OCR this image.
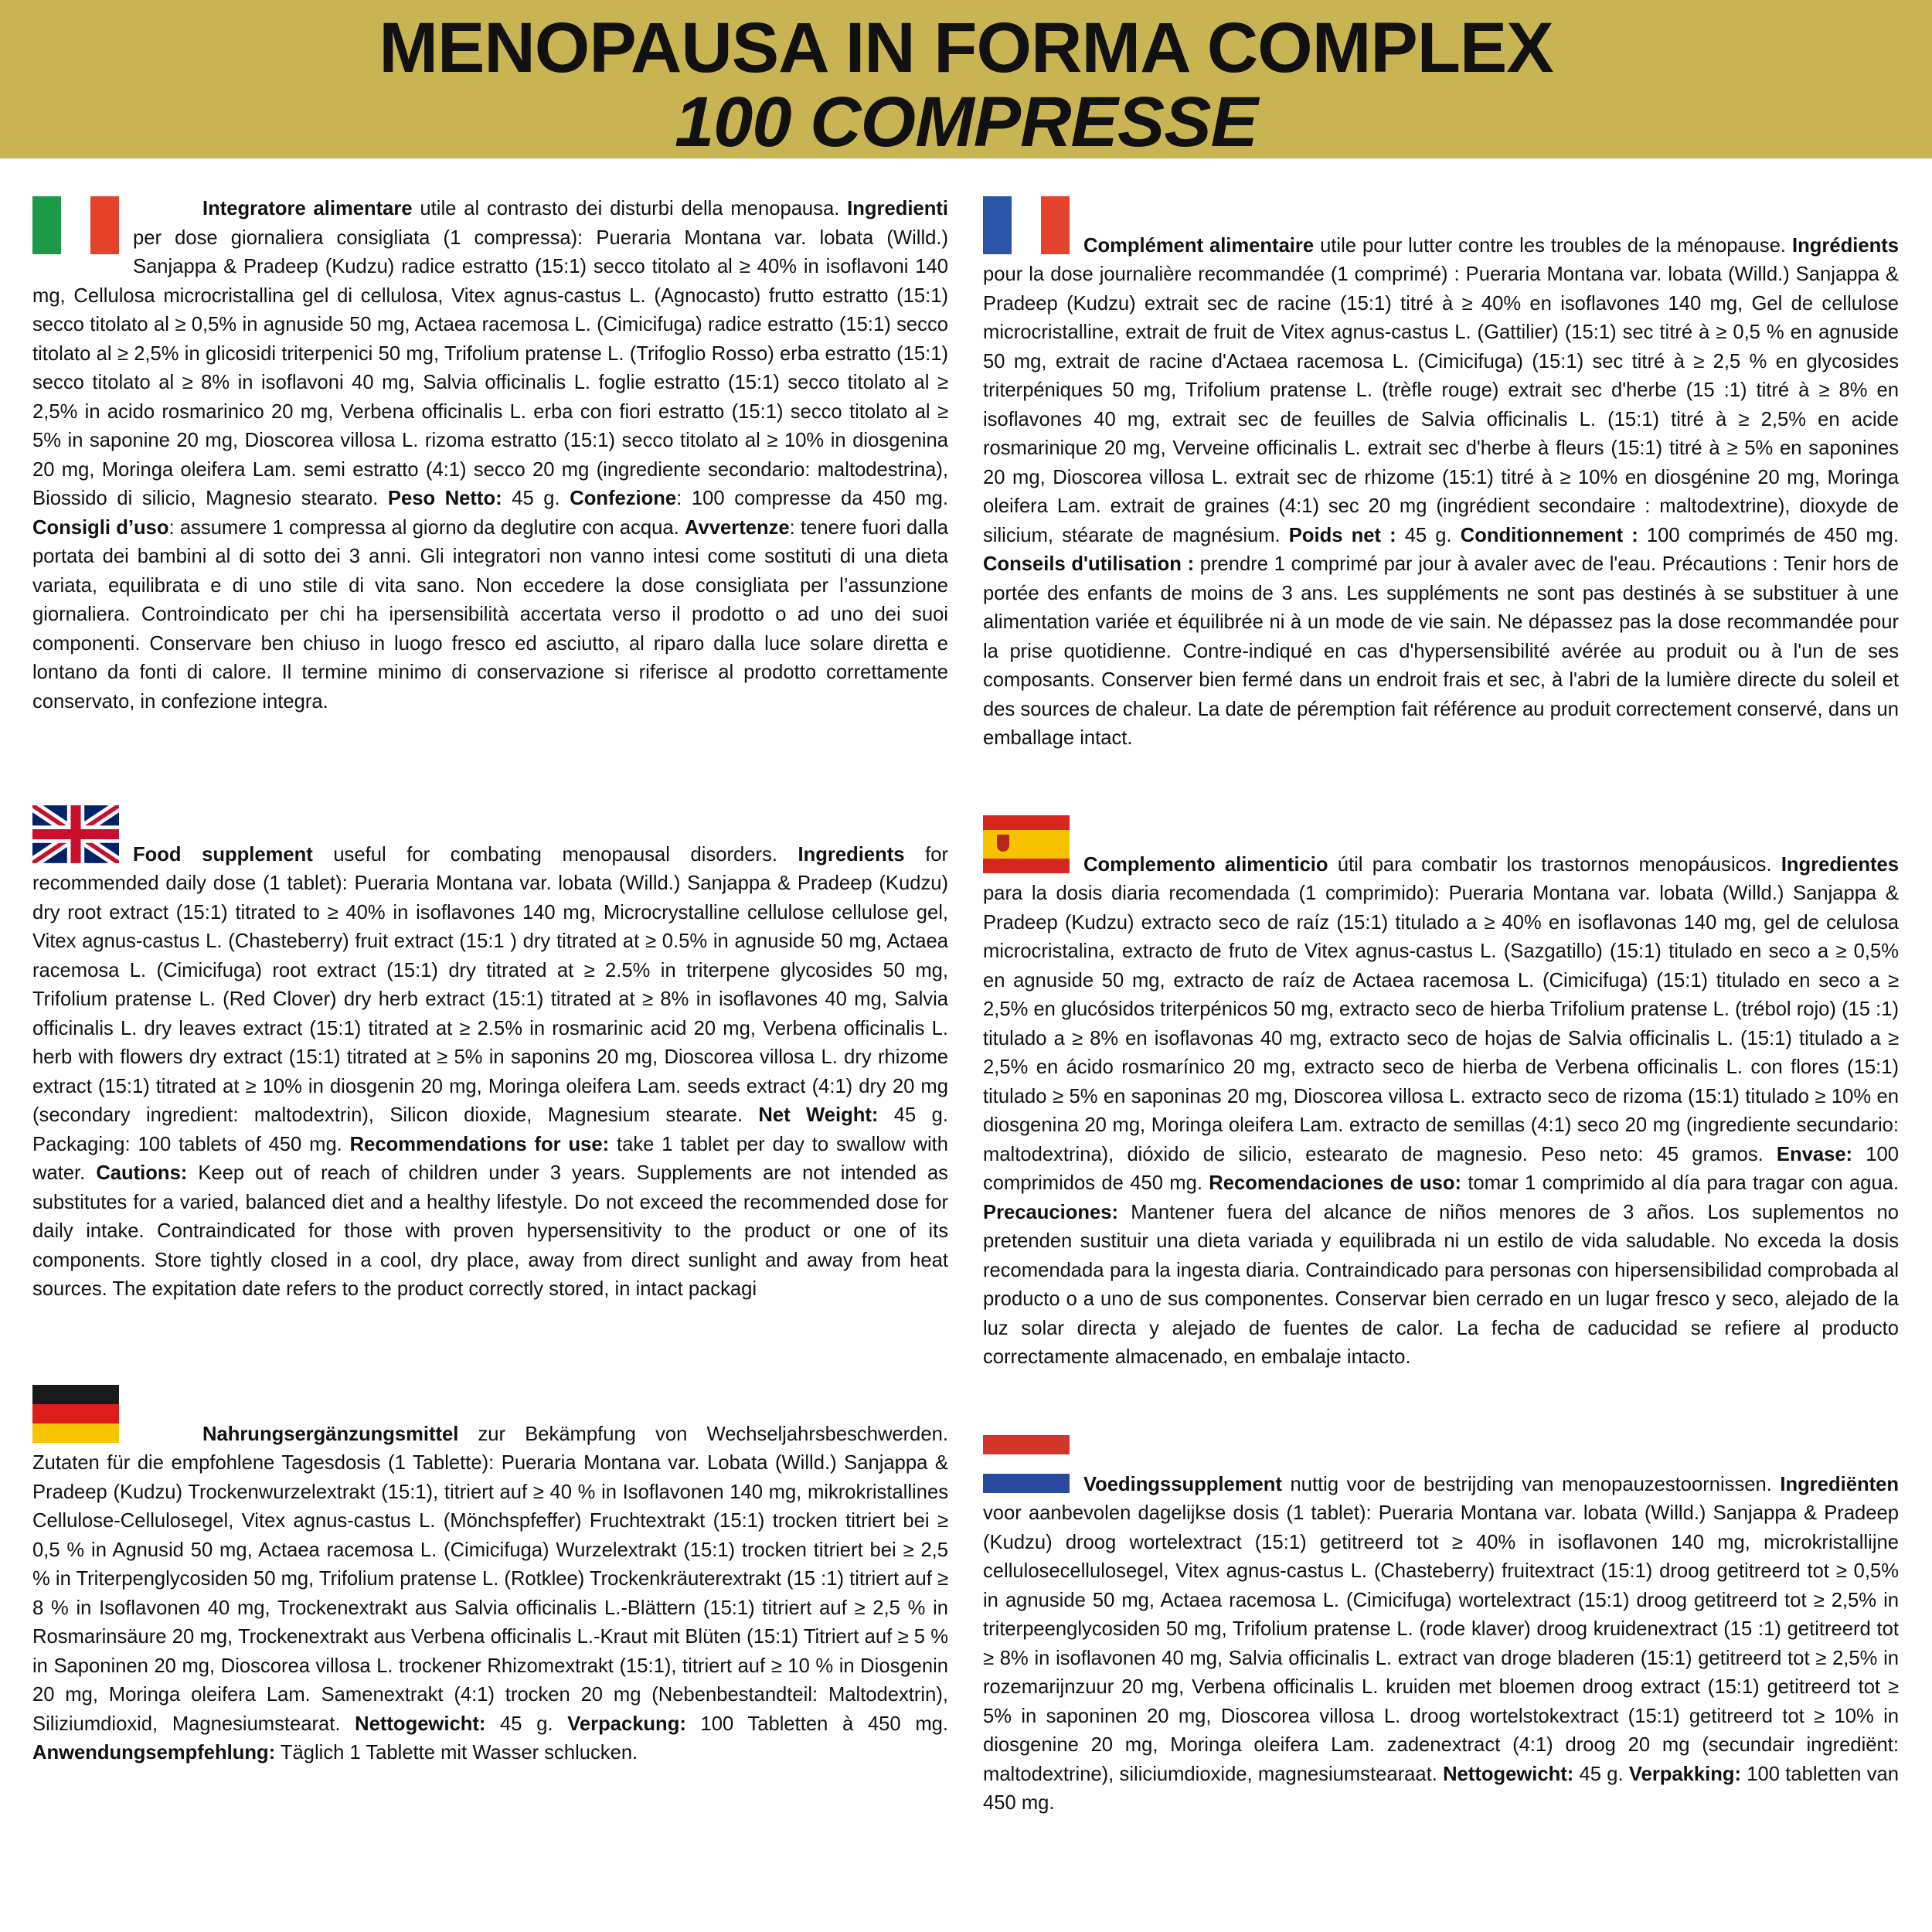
MENOPAUSA IN FORMA COMPLEX
100 COMPRESSE
Integratore alimentare utile al contrasto dei disturbi della menopausa. Ingredienti per dose giornaliera consigliata (1 compressa): Pueraria Montana var. lobata (Willd.) Sanjappa & Pradeep (Kudzu) radice estratto (15:1) secco titolato al ≥ 40% in isoflavoni 140 mg, Cellulosa microcristallina gel di cellulosa, Vitex agnus-castus L. (Agnocasto) frutto estratto (15:1) secco titolato al ≥ 0,5% in agnuside 50 mg, Actaea racemosa L. (Cimicifuga) radice estratto (15:1) secco titolato al ≥ 2,5% in glicosidi triterpenici 50 mg, Trifolium pratense L. (Trifoglio Rosso) erba estratto (15:1) secco titolato al ≥ 8% in isoflavoni 40 mg, Salvia officinalis L. foglie estratto (15:1) secco titolato al ≥ 2,5% in acido rosmarinico 20 mg, Verbena officinalis L. erba con fiori estratto (15:1) secco titolato al ≥ 5% in saponine 20 mg, Dioscorea villosa L. rizoma estratto (15:1) secco titolato al ≥ 10% in diosgenina 20 mg, Moringa oleifera Lam. semi estratto (4:1) secco 20 mg (ingrediente secondario: maltodestrina), Biossido di silicio, Magnesio stearato. Peso Netto: 45 g. Confezione: 100 compresse da 450 mg. Consigli d’uso: assumere 1 compressa al giorno da deglutire con acqua. Avvertenze: tenere fuori dalla portata dei bambini al di sotto dei 3 anni. Gli integratori non vanno intesi come sostituti di una dieta variata, equilibrata e di uno stile di vita sano. Non eccedere la dose consigliata per l’assunzione giornaliera. Controindicato per chi ha ipersensibilità accertata verso il prodotto o ad uno dei suoi componenti. Conservare ben chiuso in luogo fresco ed asciutto, al riparo dalla luce solare diretta e lontano da fonti di calore. Il termine minimo di conservazione si riferisce al prodotto correttamente conservato, in confezione integra.

Food supplement useful for combating menopausal disorders. Ingredients for recommended daily dose (1 tablet): Pueraria Montana var. lobata (Willd.) Sanjappa & Pradeep (Kudzu) dry root extract (15:1) titrated to ≥ 40% in isoflavones 140 mg, Microcrystalline cellulose cellulose gel, Vitex agnus-castus L. (Chasteberry) fruit extract (15:1 ) dry titrated at ≥ 0.5% in agnuside 50 mg, Actaea racemosa L. (Cimicifuga) root extract (15:1) dry titrated at ≥ 2.5% in triterpene glycosides 50 mg, Trifolium pratense L. (Red Clover) dry herb extract (15:1) titrated at ≥ 8% in isoflavones 40 mg, Salvia officinalis L. dry leaves extract (15:1) titrated at ≥ 2.5% in rosmarinic acid 20 mg, Verbena officinalis L. herb with flowers dry extract (15:1) titrated at ≥ 5% in saponins 20 mg, Dioscorea villosa L. dry rhizome extract (15:1) titrated at ≥ 10% in diosgenin 20 mg, Moringa oleifera Lam. seeds extract (4:1) dry 20 mg (secondary ingredient: maltodextrin), Silicon dioxide, Magnesium stearate. Net Weight: 45 g. Packaging: 100 tablets of 450 mg. Recommendations for use: take 1 tablet per day to swallow with water. Cautions: Keep out of reach of children under 3 years. Supplements are not intended as substitutes for a varied, balanced diet and a healthy lifestyle. Do not exceed the recommended dose for daily intake. Contraindicated for those with proven hypersensitivity to the product or one of its components. Store tightly closed in a cool, dry place, away from direct sunlight and away from heat sources. The expitation date refers to the product correctly stored, in intact packagi

Nahrungsergänzungsmittel zur Bekämpfung von Wechseljahrsbeschwerden. Zutaten für die empfohlene Tagesdosis (1 Tablette): Pueraria Montana var. Lobata (Willd.) Sanjappa & Pradeep (Kudzu) Trockenwurzelextrakt (15:1), titriert auf ≥ 40 % in Isoflavonen 140 mg, mikrokristallines Cellulose-Cellulosegel, Vitex agnus-castus L. (Mönchspfeffer) Fruchtextrakt (15:1) trocken titriert bei ≥ 0,5 % in Agnusid 50 mg, Actaea racemosa L. (Cimicifuga) Wurzelextrakt (15:1) trocken titriert bei ≥ 2,5 % in Triterpenglycosiden 50 mg, Trifolium pratense L. (Rotklee) Trockenkräuterextrakt (15 :1) titriert auf ≥ 8 % in Isoflavonen 40 mg, Trockenextrakt aus Salvia officinalis L.-Blättern (15:1) titriert auf ≥ 2,5 % in Rosmarinsäure 20 mg, Trockenextrakt aus Verbena officinalis L.-Kraut mit Blüten (15:1) Titriert auf ≥ 5 % in Saponinen 20 mg, Dioscorea villosa L. trockener Rhizomextrakt (15:1), titriert auf ≥ 10 % in Diosgenin 20 mg, Moringa oleifera Lam. Samenextrakt (4:1) trocken 20 mg (Nebenbestandteil: Maltodextrin), Siliziumdioxid, Magnesiumstearat. Nettogewicht: 45 g. Verpackung: 100 Tabletten à 450 mg. Anwendungsempfehlung: Täglich 1 Tablette mit Wasser schlucken.

Complément alimentaire utile pour lutter contre les troubles de la ménopause. Ingrédients pour la dose journalière recommandée (1 comprimé) : Pueraria Montana var. lobata (Willd.) Sanjappa & Pradeep (Kudzu) extrait sec de racine (15:1) titré à ≥ 40% en isoflavones 140 mg, Gel de cellulose microcristalline, extrait de fruit de Vitex agnus-castus L. (Gattilier) (15:1) sec titré à ≥ 0,5 % en agnuside 50 mg, extrait de racine d'Actaea racemosa L. (Cimicifuga) (15:1) sec titré à ≥ 2,5 % en glycosides triterpéniques 50 mg, Trifolium pratense L. (trèfle rouge) extrait sec d'herbe (15 :1) titré à ≥ 8% en isoflavones 40 mg, extrait sec de feuilles de Salvia officinalis L. (15:1) titré à ≥ 2,5% en acide rosmarinique 20 mg, Verveine officinalis L. extrait sec d'herbe à fleurs (15:1) titré à ≥ 5% en saponines 20 mg, Dioscorea villosa L. extrait sec de rhizome (15:1) titré à ≥ 10% en diosgénine 20 mg, Moringa oleifera Lam. extrait de graines (4:1) sec 20 mg (ingrédient secondaire : maltodextrine), dioxyde de silicium, stéarate de magnésium. Poids net : 45 g. Conditionnement : 100 comprimés de 450 mg. Conseils d'utilisation : prendre 1 comprimé par jour à avaler avec de l'eau. Précautions : Tenir hors de portée des enfants de moins de 3 ans. Les suppléments ne sont pas destinés à se substituer à une alimentation variée et équilibrée ni à un mode de vie sain. Ne dépassez pas la dose recommandée pour la prise quotidienne. Contre-indiqué en cas d'hypersensibilité avérée au produit ou à l'un de ses composants. Conserver bien fermé dans un endroit frais et sec, à l'abri de la lumière directe du soleil et des sources de chaleur. La date de péremption fait référence au produit correctement conservé, dans un emballage intact.

Complemento alimenticio útil para combatir los trastornos menopáusicos. Ingredientes para la dosis diaria recomendada (1 comprimido): Pueraria Montana var. lobata (Willd.) Sanjappa & Pradeep (Kudzu) extracto seco de raíz (15:1) titulado a ≥ 40% en isoflavonas 140 mg, gel de celulosa microcristalina, extracto de fruto de Vitex agnus-castus L. (Sazgatillo) (15:1) titulado en seco a ≥ 0,5% en agnuside 50 mg, extracto de raíz de Actaea racemosa L. (Cimicifuga) (15:1) titulado en seco a ≥ 2,5% en glucósidos triterpénicos 50 mg, extracto seco de hierba Trifolium pratense L. (trébol rojo) (15 :1) titulado a ≥ 8% en isoflavonas 40 mg, extracto seco de hojas de Salvia officinalis L. (15:1) titulado a ≥ 2,5% en ácido rosmarínico 20 mg, extracto seco de hierba de Verbena officinalis L. con flores (15:1) titulado ≥ 5% en saponinas 20 mg, Dioscorea villosa L. extracto seco de rizoma (15:1) titulado ≥ 10% en diosgenina 20 mg, Moringa oleifera Lam. extracto de semillas (4:1) seco 20 mg (ingrediente secundario: maltodextrina), dióxido de silicio, estearato de magnesio. Peso neto: 45 gramos. Envase: 100 comprimidos de 450 mg. Recomendaciones de uso: tomar 1 comprimido al día para tragar con agua. Precauciones: Mantener fuera del alcance de niños menores de 3 años. Los suplementos no pretenden sustituir una dieta variada y equilibrada ni un estilo de vida saludable. No exceda la dosis recomendada para la ingesta diaria. Contraindicado para personas con hipersensibilidad comprobada al producto o a uno de sus componentes. Conservar bien cerrado en un lugar fresco y seco, alejado de la luz solar directa y alejado de fuentes de calor. La fecha de caducidad se refiere al producto correctamente almacenado, en embalaje intacto.

Voedingssupplement nuttig voor de bestrijding van menopauzestoornissen. Ingrediënten voor aanbevolen dagelijkse dosis (1 tablet): Pueraria Montana var. lobata (Willd.) Sanjappa & Pradeep (Kudzu) droog wortelextract (15:1) getitreerd tot ≥ 40% in isoflavonen 140 mg, microkristallijne cellulosecellulosegel, Vitex agnus-castus L. (Chasteberry) fruitextract (15:1) droog getitreerd tot ≥ 0,5% in agnuside 50 mg, Actaea racemosa L. (Cimicifuga) wortelextract (15:1) droog getitreerd tot ≥ 2,5% in triterpeenglycosiden 50 mg, Trifolium pratense L. (rode klaver) droog kruidenextract (15 :1) getitreerd tot ≥ 8% in isoflavonen 40 mg, Salvia officinalis L. extract van droge bladeren (15:1) getitreerd tot ≥ 2,5% in rozemarijnzuur 20 mg, Verbena officinalis L. kruiden met bloemen droog extract (15:1) getitreerd tot ≥ 5% in saponinen 20 mg, Dioscorea villosa L. droog wortelstokextract (15:1) getitreerd tot ≥ 10% in diosgenine 20 mg, Moringa oleifera Lam. zadenextract (4:1) droog 20 mg (secundair ingrediënt: maltodextrine), siliciumdioxide, magnesiumstearaat. Nettogewicht: 45 g. Verpakking: 100 tabletten van 450 mg.
